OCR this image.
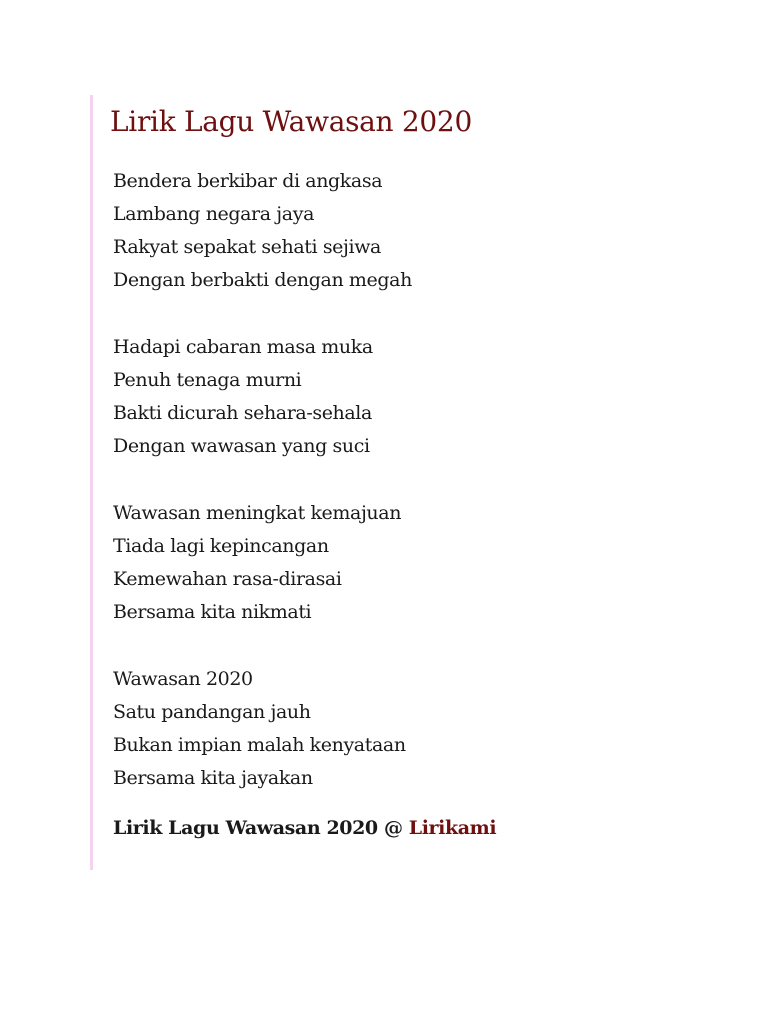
Lirik Lagu Wawasan 2020

Bendera berkibar di angkasa
Lambang negara jaya
Rakyat sepakat sehati sejiwa
Dengan berbakti dengan megah

Hadapi cabaran masa muka
Penuh tenaga murni
Bakti dicurah sehara-sehala
Dengan wawasan yang suci

Wawasan meningkat kemajuan
Tiada lagi kepincangan
Kemewahan rasa-dirasai
Bersama kita nikmati

Wawasan 2020
Satu pandangan jauh
Bukan impian malah kenyataan
Bersama kita jayakan

Lirik Lagu Wawasan 2020 @ Lirikami
